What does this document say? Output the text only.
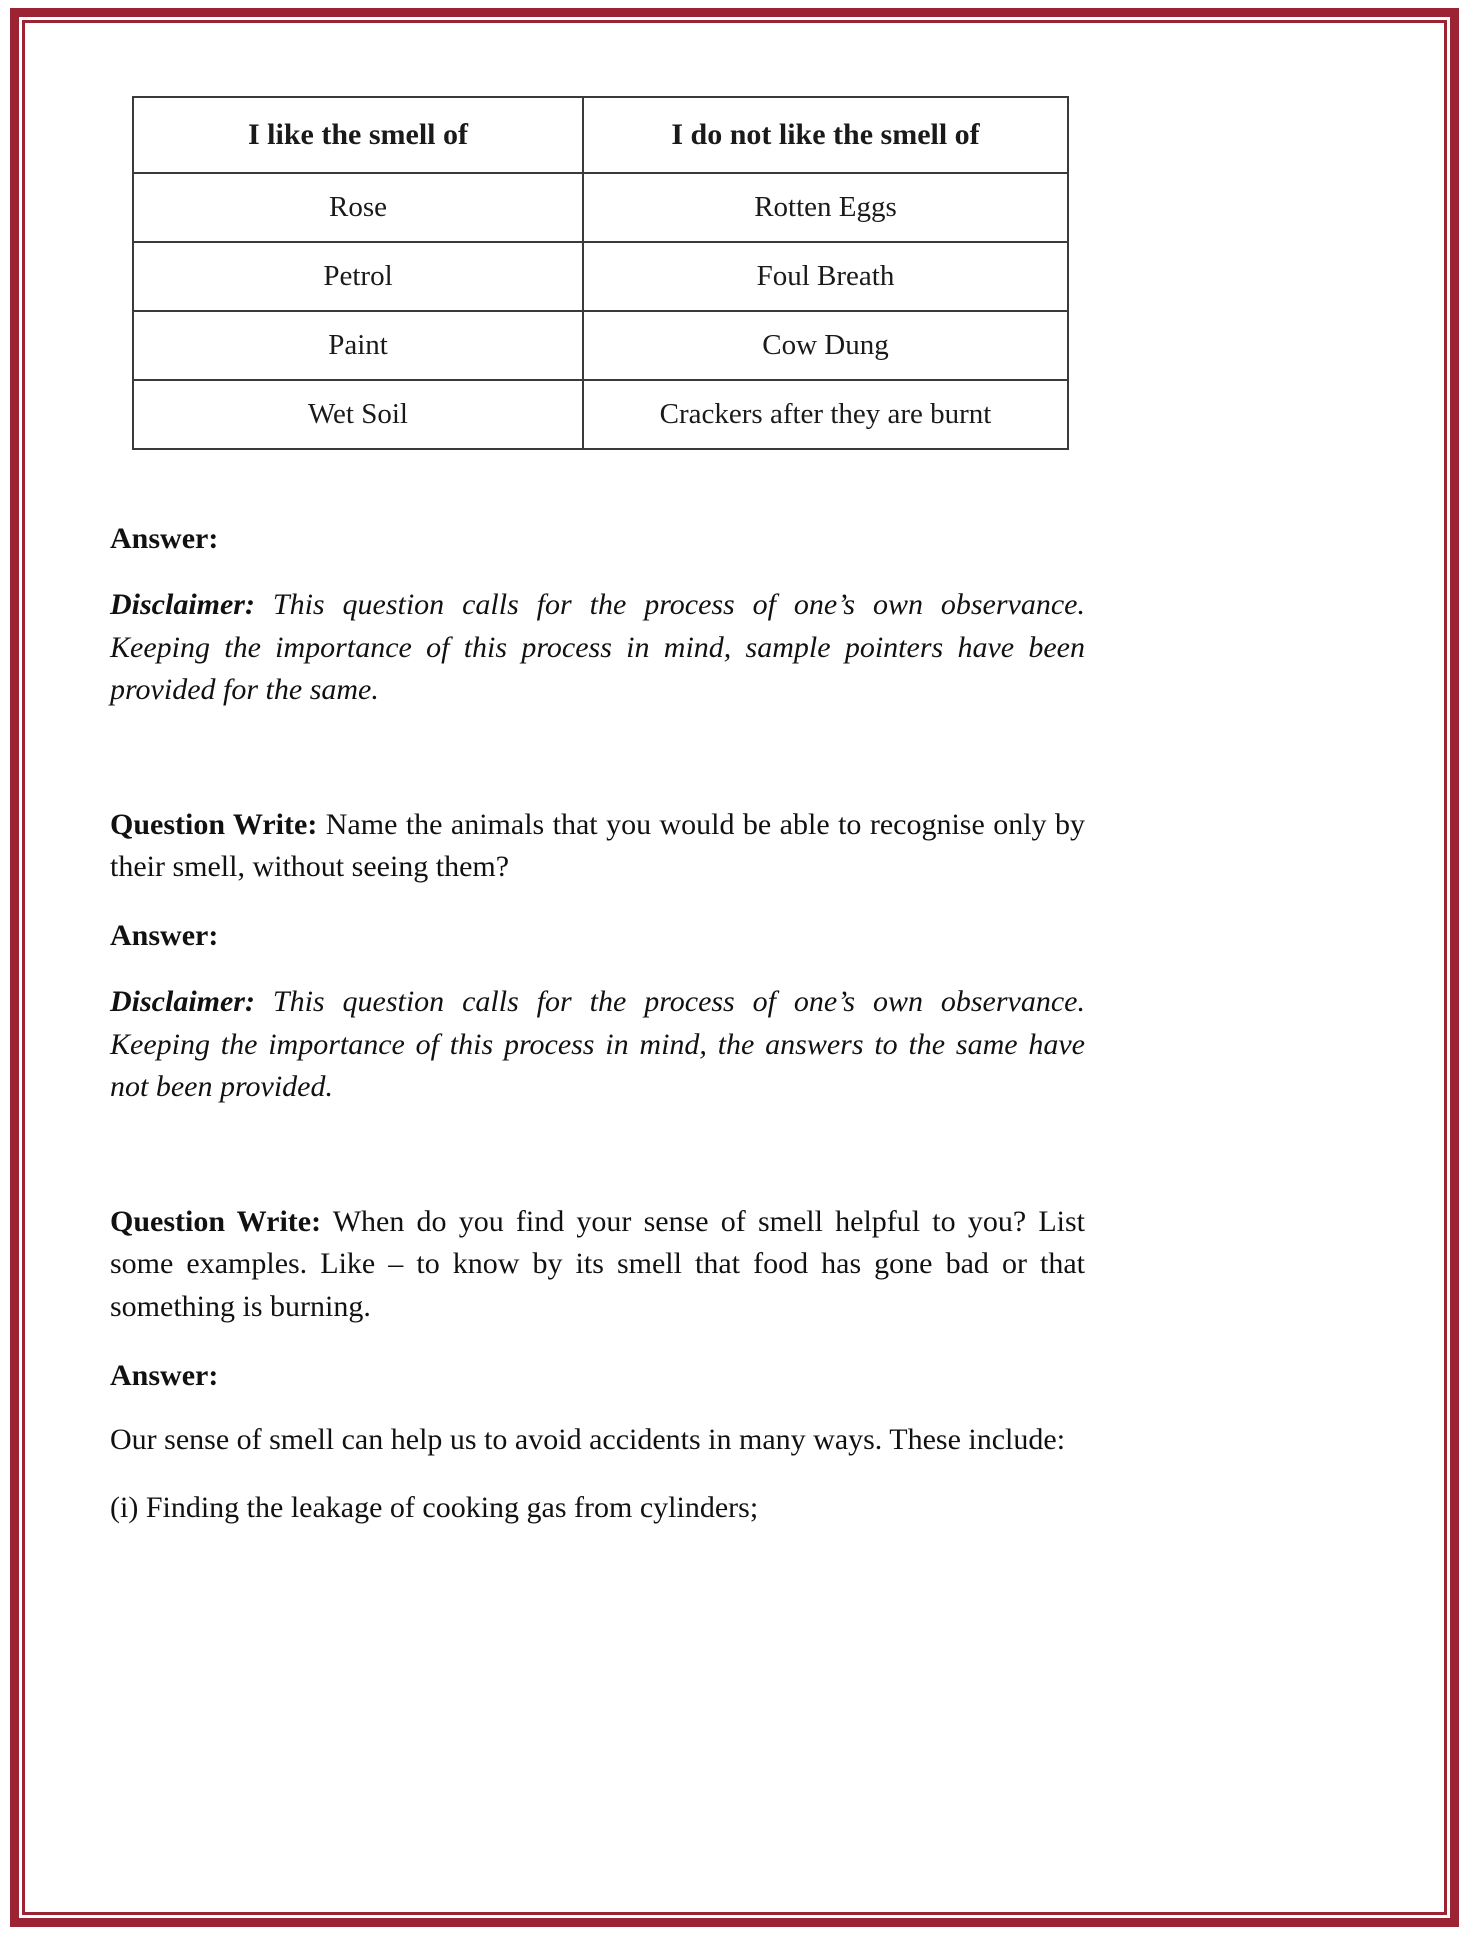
I like the smell of	I do not like the smell of
Rose	Rotten Eggs
Petrol	Foul Breath
Paint	Cow Dung
Wet Soil	Crackers after they are burnt

Answer:

Disclaimer: This question calls for the process of one’s own observance. Keeping the importance of this process in mind, sample pointers have been provided for the same.

Question Write: Name the animals that you would be able to recognise only by their smell, without seeing them?

Answer:

Disclaimer: This question calls for the process of one’s own observance. Keeping the importance of this process in mind, the answers to the same have not been provided.

Question Write: When do you find your sense of smell helpful to you? List some examples. Like – to know by its smell that food has gone bad or that something is burning.

Answer:

Our sense of smell can help us to avoid accidents in many ways. These include:

(i) Finding the leakage of cooking gas from cylinders;
